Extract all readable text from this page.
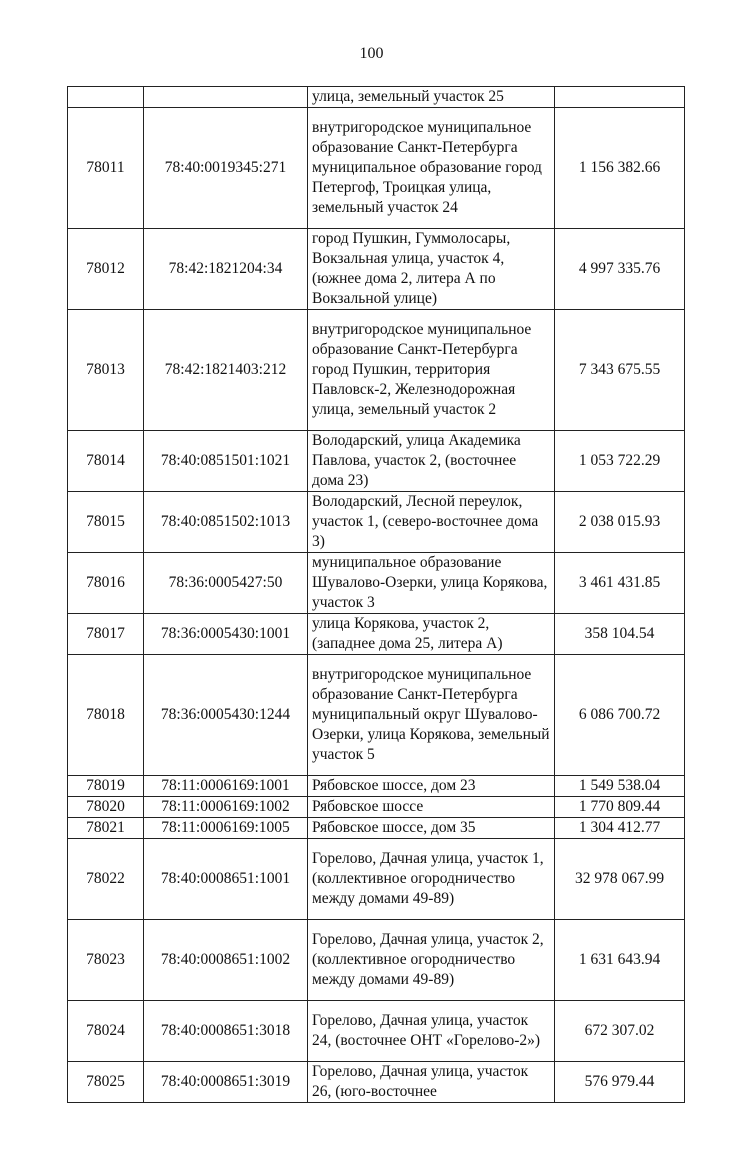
100
		улица, земельный участок 25	
78011	78:40:0019345:271	внутригородское муниципальное образование Санкт-Петербурга муниципальное образование город Петергоф, Троицкая улица, земельный участок 24	1 156 382.66
78012	78:42:1821204:34	город Пушкин, Гуммолосары, Вокзальная улица, участок 4, (южнее дома 2, литера А по Вокзальной улице)	4 997 335.76
78013	78:42:1821403:212	внутригородское муниципальное образование Санкт-Петербурга город Пушкин, территория Павловск-2, Железнодорожная улица, земельный участок 2	7 343 675.55
78014	78:40:0851501:1021	Володарский, улица Академика Павлова, участок 2, (восточнее дома 23)	1 053 722.29
78015	78:40:0851502:1013	Володарский, Лесной переулок, участок 1, (северо-восточнее дома 3)	2 038 015.93
78016	78:36:0005427:50	муниципальное образование Шувалово-Озерки, улица Корякова, участок 3	3 461 431.85
78017	78:36:0005430:1001	улица Корякова, участок 2, (западнее дома 25, литера А)	358 104.54
78018	78:36:0005430:1244	внутригородское муниципальное образование Санкт-Петербурга муниципальный округ Шувалово-Озерки, улица Корякова, земельный участок 5	6 086 700.72
78019	78:11:0006169:1001	Рябовское шоссе, дом 23	1 549 538.04
78020	78:11:0006169:1002	Рябовское шоссе	1 770 809.44
78021	78:11:0006169:1005	Рябовское шоссе, дом 35	1 304 412.77
78022	78:40:0008651:1001	Горелово, Дачная улица, участок 1, (коллективное огородничество между домами 49-89)	32 978 067.99
78023	78:40:0008651:1002	Горелово, Дачная улица, участок 2, (коллективное огородничество между домами 49-89)	1 631 643.94
78024	78:40:0008651:3018	Горелово, Дачная улица, участок 24, (восточнее ОНТ «Горелово-2»)	672 307.02
78025	78:40:0008651:3019	Горелово, Дачная улица, участок 26, (юго-восточнее	576 979.44
